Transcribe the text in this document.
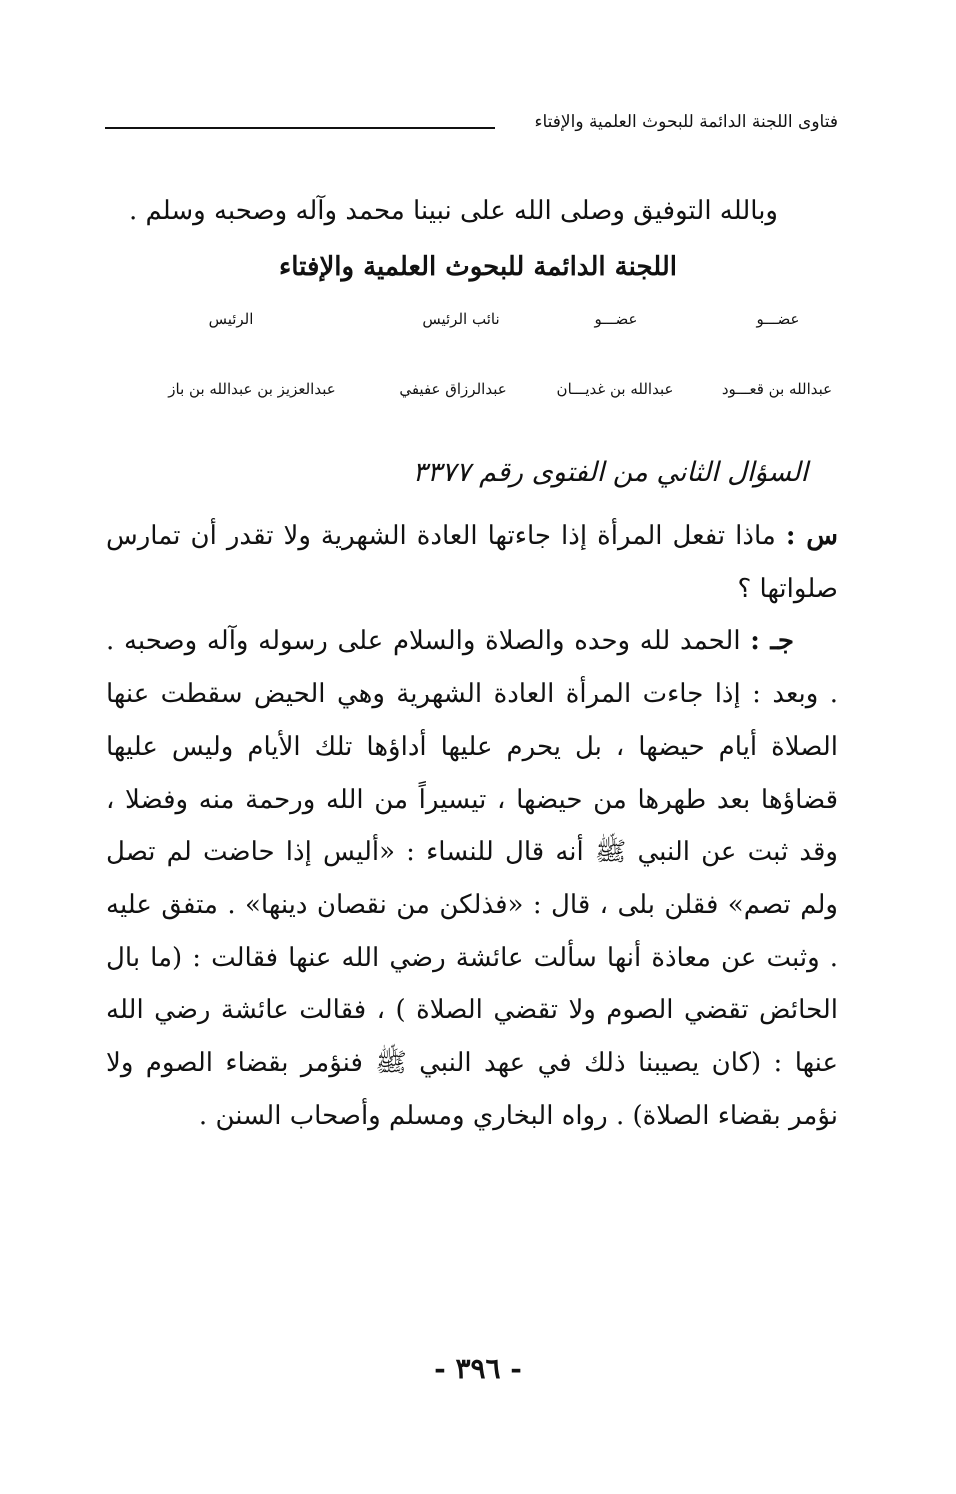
فتاوى اللجنة الدائمة للبحوث العلمية والإفتاء
وبالله التوفيق وصلى الله على نبينا محمد وآله وصحبه وسلم .
اللجنة الدائمة للبحوث العلمية والإفتاء
عضـــو
عضـــو
نائب الرئيس
الرئيس
عبدالله بن قعـــود
عبدالله بن غديـــان
عبدالرزاق عفيفي
عبدالعزيز بن عبدالله بن باز
السؤال الثاني من الفتوى رقم ٣٣٧٧

س : ماذا تفعل المرأة إذا جاءتها العادة الشهرية ولا تقدر أن تمارس صلواتها ؟

جـ : الحمد لله وحده والصلاة والسلام على رسوله وآله وصحبه . . وبعد : إذا جاءت المرأة العادة الشهرية وهي الحيض سقطت عنها الصلاة أيام حيضها ، بل يحرم عليها أداؤها تلك الأيام وليس عليها قضاؤها بعد طهرها من حيضها ، تيسيراً من الله ورحمة منه وفضلا ، وقد ثبت عن النبي ﷺ أنه قال للنساء : «أليس إذا حاضت لم تصل ولم تصم» فقلن بلى ، قال : «فذلكن من نقصان دينها» . متفق عليه . وثبت عن معاذة أنها سألت عائشة رضي الله عنها فقالت : (ما بال الحائض تقضي الصوم ولا تقضي الصلاة ) ، فقالت عائشة رضي الله عنها : (كان يصيبنا ذلك في عهد النبي ﷺ فنؤمر بقضاء الصوم ولا نؤمر بقضاء الصلاة) . رواه البخاري ومسلم وأصحاب السنن .

- ٣٩٦ -
